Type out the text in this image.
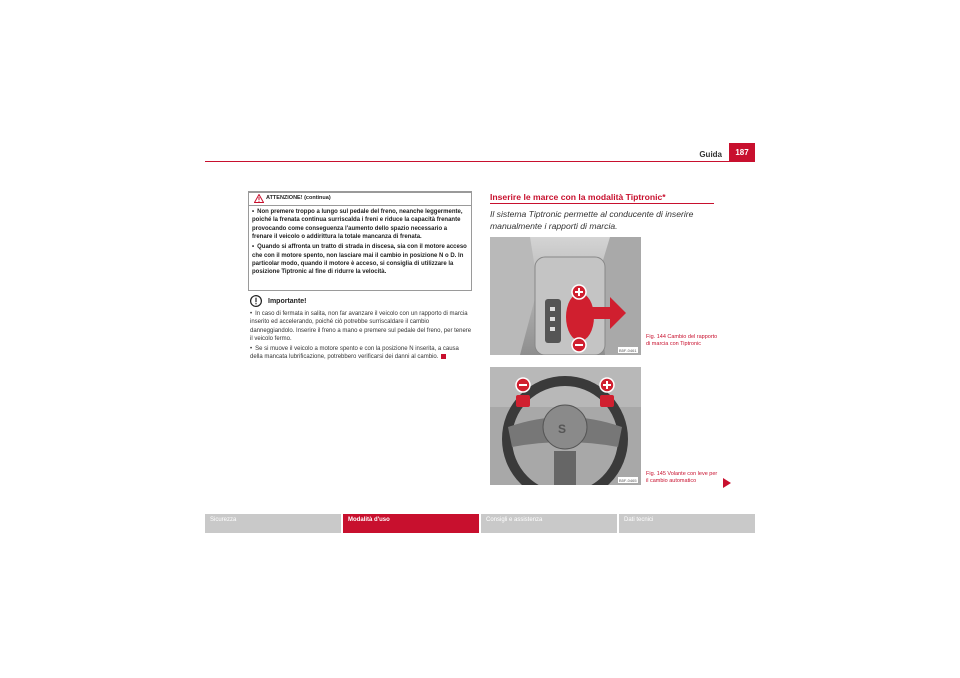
Guida	187
ATTENZIONE! (continua)

• Non premere troppo a lungo sul pedale del freno, neanche leggermente, poiché la frenata continua surriscalda i freni e riduce la capacità frenante provocando come conseguenza l'aumento dello spazio necessario a frenare il veicolo o addirittura la totale mancanza di frenata.

• Quando si affronta un tratto di strada in discesa, sia con il motore acceso che con il motore spento, non lasciare mai il cambio in posizione N o D. In particolar modo, quando il motore è acceso, si consiglia di utilizzare la posizione Tiptronic al fine di ridurre la velocità.

Importante!

• In caso di fermata in salita, non far avanzare il veicolo con un rapporto di marcia inserito ed accelerando, poiché ciò potrebbe surriscaldare il cambio danneggiandolo. Inserire il freno a mano e premere sul pedale del freno, per tenere il veicolo fermo.

• Se si muove il veicolo a motore spento e con la posizione N inserita, a causa della mancata lubrificazione, potrebbero verificarsi dei danni al cambio.

Inserire le marce con la modalità Tiptronic*
Il sistema Tiptronic permette al conducente di inserire manualmente i rapporti di marcia.
B5F-0461
Fig. 144 Cambio del rapporto di marcia con Tiptronic
S
B5F-0465
Fig. 145 Volante con leve per il cambio automatico
Sicurezza	Modalità d'uso	Consigli e assistenza	Dati tecnici
